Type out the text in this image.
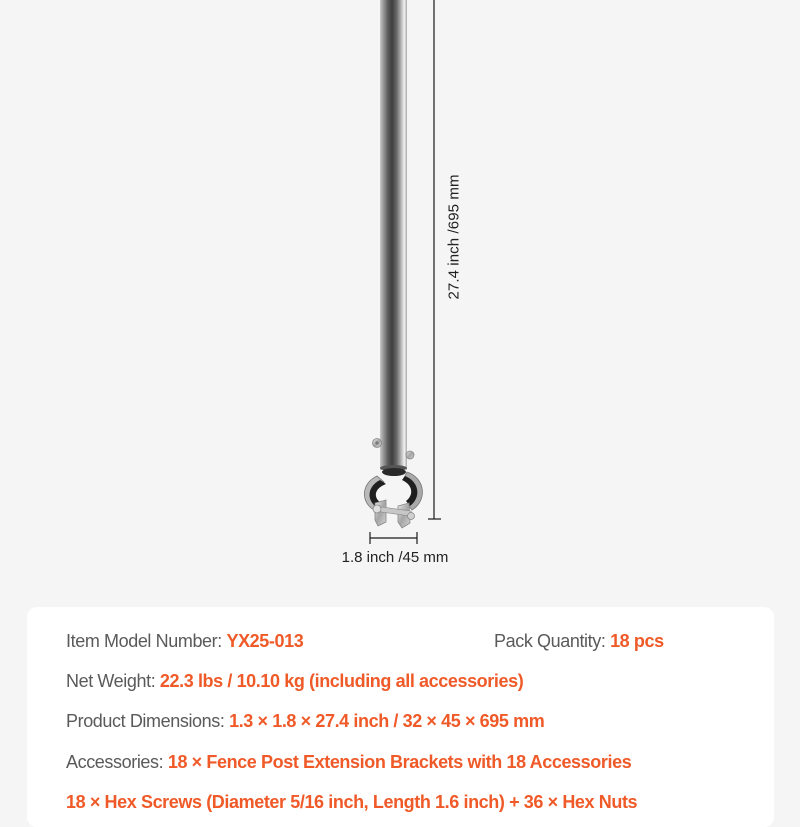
27.4 inch /695 mm
1.8 inch /45 mm
Item Model Number: YX25-013	Pack Quantity: 18 pcs
Net Weight: 22.3 lbs / 10.10 kg (including all accessories)
Product Dimensions: 1.3 × 1.8 × 27.4 inch / 32 × 45 × 695 mm
Accessories: 18 × Fence Post Extension Brackets with 18 Accessories
18 × Hex Screws (Diameter 5/16 inch, Length 1.6 inch) + 36 × Hex Nuts
